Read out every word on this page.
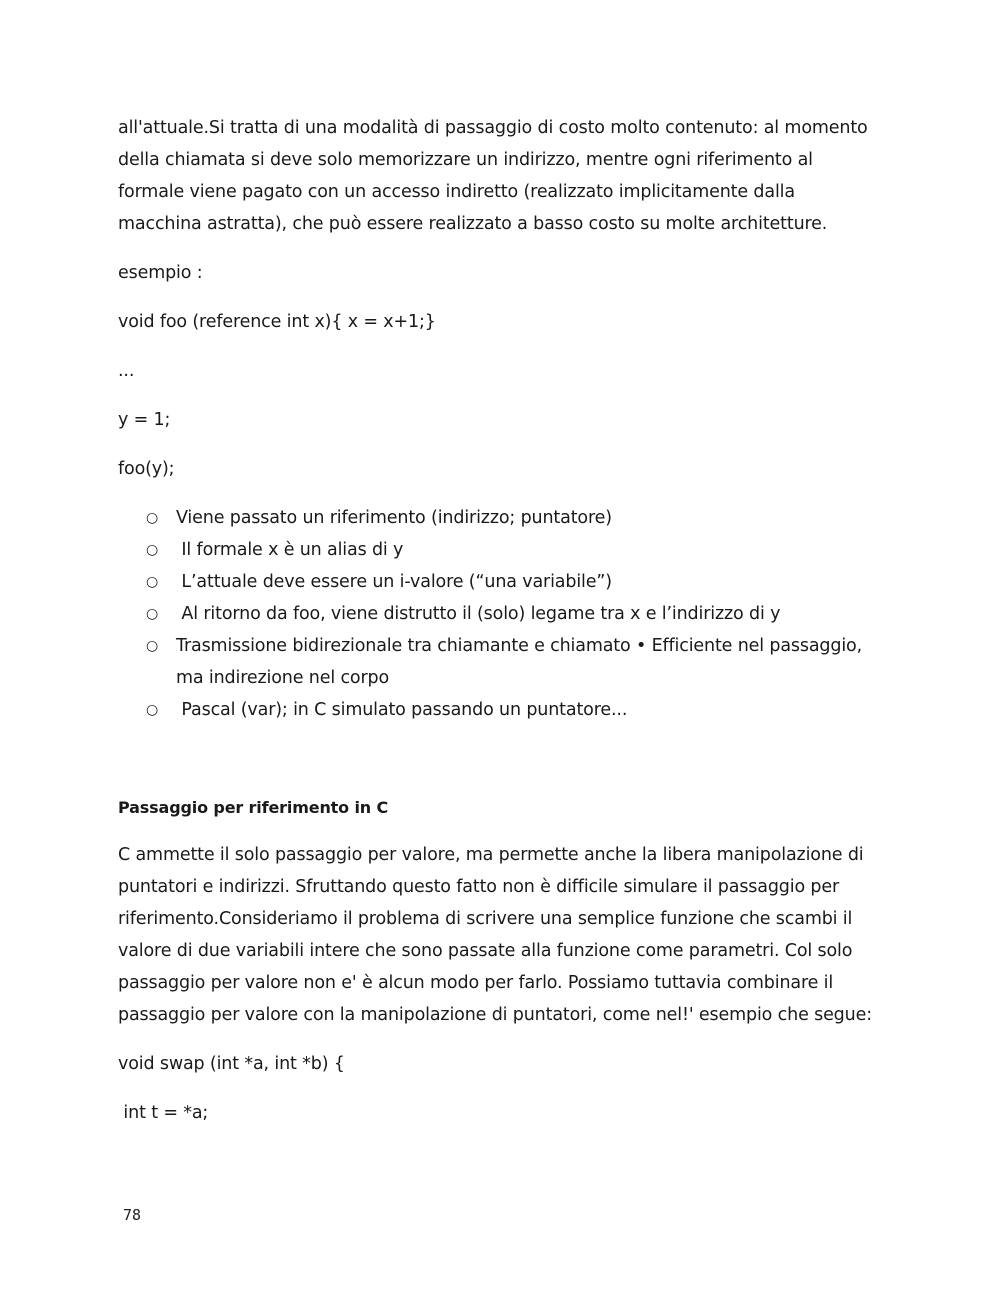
all'attuale.Si tratta di una modalità di passaggio di costo molto contenuto: al momento della chiamata si deve solo memorizzare un indirizzo, mentre ogni riferimento al formale viene pagato con un accesso indiretto (realizzato implicitamente dalla macchina astratta), che può essere realizzato a basso costo su molte architetture.

esempio :

void foo (reference int x){ x = x+1;}

...

y = 1;

foo(y);

○ Viene passato un riferimento (indirizzo; puntatore)
○ Il formale x è un alias di y
○ L’attuale deve essere un i-valore (“una variabile”)
○ Al ritorno da foo, viene distrutto il (solo) legame tra x e l’indirizzo di y
○ Trasmissione bidirezionale tra chiamante e chiamato • Efficiente nel passaggio, ma indirezione nel corpo
○ Pascal (var); in C simulato passando un puntatore...
Passaggio per riferimento in C

C ammette il solo passaggio per valore, ma permette anche la libera manipolazione di puntatori e indirizzi. Sfruttando questo fatto non è difficile simulare il passaggio per riferimento.Consideriamo il problema di scrivere una semplice funzione che scambi il valore di due variabili intere che sono passate alla funzione come parametri. Col solo passaggio per valore non e' è alcun modo per farlo. Possiamo tuttavia combinare il passaggio per valore con la manipolazione di puntatori, come nel!' esempio che segue:

void swap (int *a, int *b) {

int t = *a;

78
